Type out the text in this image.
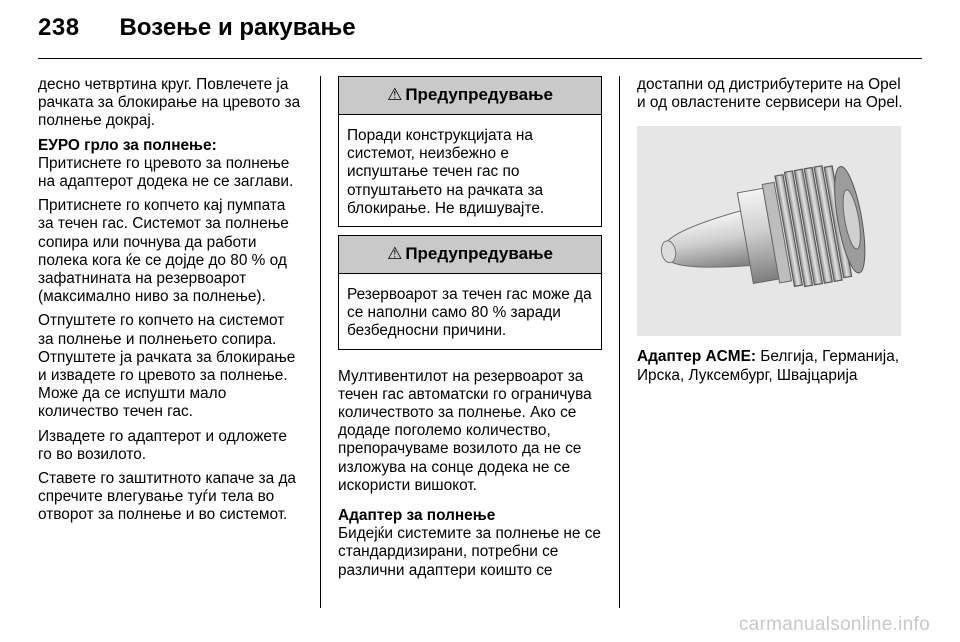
238 Возење и ракување

десно четвртина круг. Повлечете ја рачката за блокирање на цревото за полнење докрај.

ЕУРО грло за полнење:

Притиснете го цревото за полнење на адаптерот додека не се заглави.

Притиснете го копчето кај пумпата за течен гас. Системот за полнење сопира или почнува да работи полека кога ќе се дојде до 80 % од зафатнината на резервоарот (максимално ниво за полнење).

Отпуштете го копчето на системот за полнење и полнењето сопира. Отпуштете ја рачката за блокирање и извадете го цревото за полнење. Може да се испушти мало количество течен гас.

Извадете го адаптерот и одложете го во возилото.

Ставете го заштитното капаче за да спречите влегување туѓи тела во отворот за полнење и во системот.

⚠ Предупредување
Поради конструкцијата на системот, неизбежно е испуштање течен гас по отпуштањето на рачката за блокирање. Не вдишувајте.
⚠ Предупредување
Резервоарот за течен гас може да се наполни само 80 % заради безбедносни причини.

Мултивентилот на резервоарот за течен гас автоматски го ограничува количеството за полнење. Ако се додаде поголемо количество, препорачуваме возилото да не се изложува на сонце додека не се искористи вишокот.

Адаптер за полнење

Бидејќи системите за полнење не се стандардизирани, потребни се различни адаптери коишто се

достапни од дистрибутерите на Opel и од овластените сервисери на Opel.

Адаптер ACME: Белгија, Германија, Ирска, Луксембург, Швајцарија

carmanualsonline.info
